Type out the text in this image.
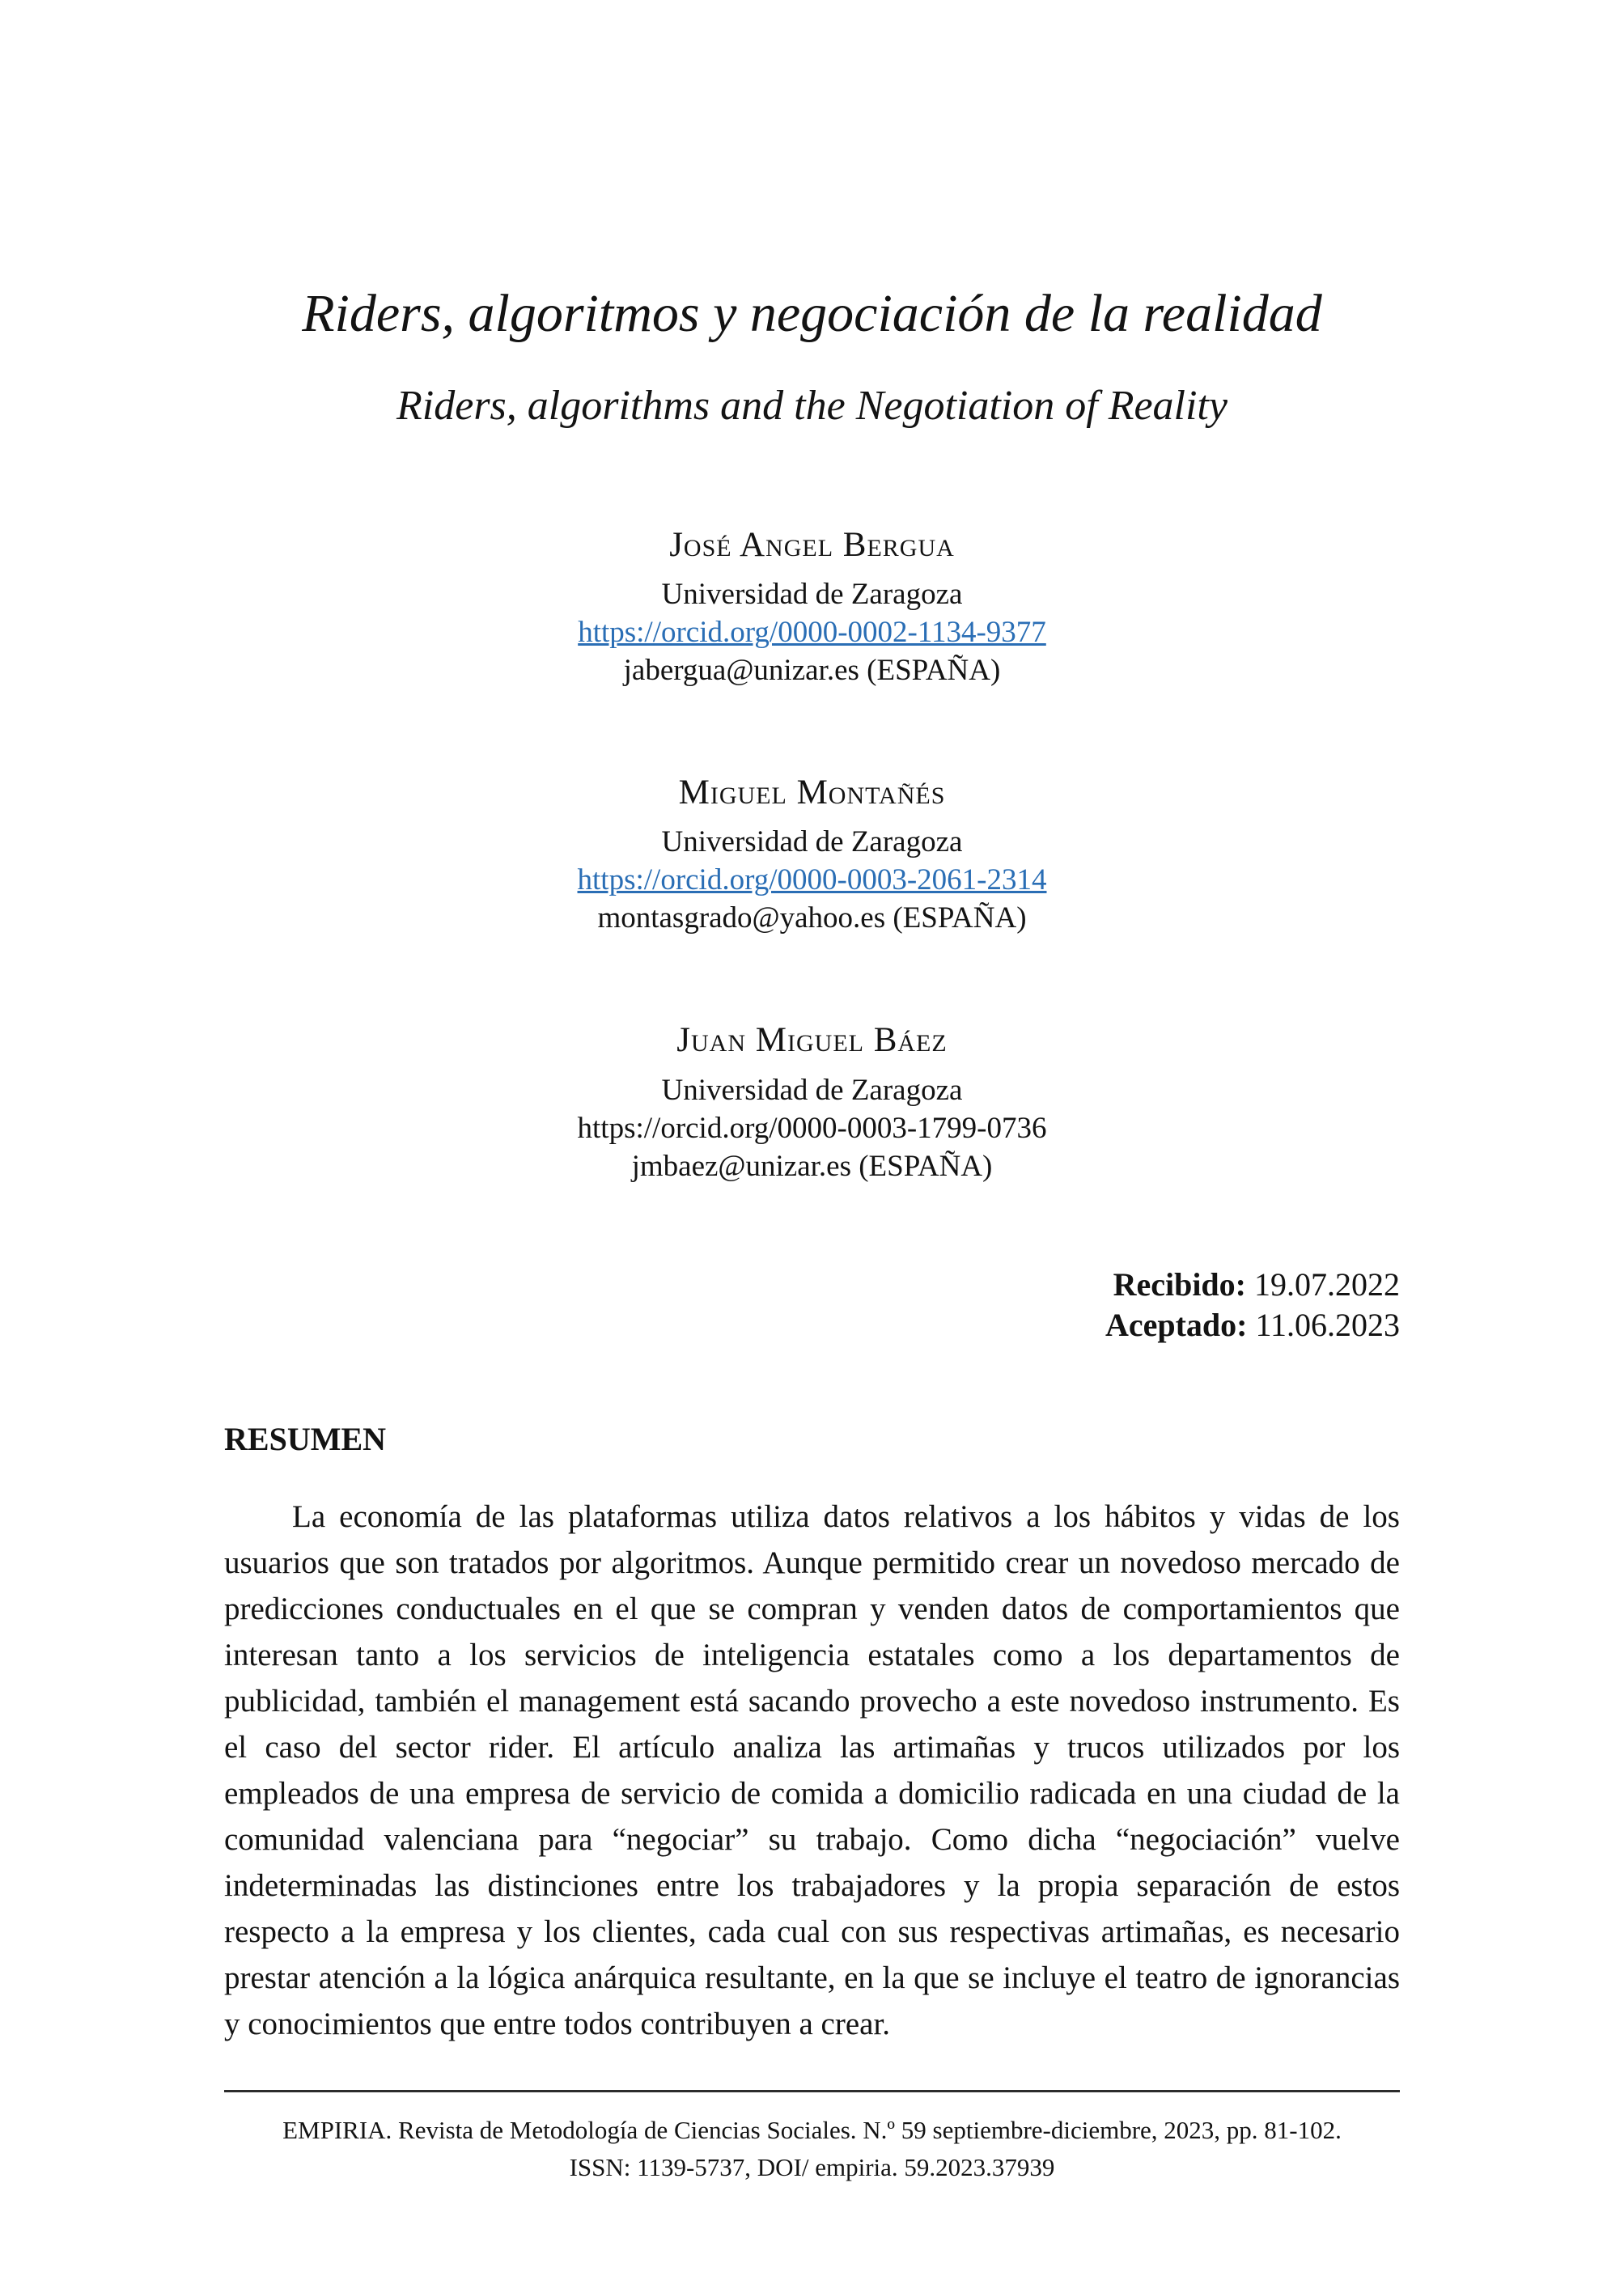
Riders, algoritmos y negociación de la realidad
Riders, algorithms and the Negotiation of Reality
José Angel Bergua
Universidad de Zaragoza
https://orcid.org/0000-0002-1134-9377
jabergua@unizar.es (ESPAÑA)
Miguel Montañés
Universidad de Zaragoza
https://orcid.org/0000-0003-2061-2314
montasgrado@yahoo.es (ESPAÑA)
Juan Miguel Báez
Universidad de Zaragoza
https://orcid.org/0000-0003-1799-0736
jmbaez@unizar.es (ESPAÑA)
Recibido: 19.07.2022
Aceptado: 11.06.2023
RESUMEN

La economía de las plataformas utiliza datos relativos a los hábitos y vidas de los usuarios que son tratados por algoritmos. Aunque permitido crear un novedoso mercado de predicciones conductuales en el que se compran y venden datos de comportamientos que interesan tanto a los servicios de inteligencia estatales como a los departamentos de publicidad, también el management está sacando provecho a este novedoso instrumento. Es el caso del sector rider. El artículo analiza las artimañas y trucos utilizados por los empleados de una empresa de servicio de comida a domicilio radicada en una ciudad de la comunidad valenciana para “negociar” su trabajo. Como dicha “negociación” vuelve indeterminadas las distinciones entre los trabajadores y la propia separación de estos respecto a la empresa y los clientes, cada cual con sus respectivas artimañas, es necesario prestar atención a la lógica anárquica resultante, en la que se incluye el teatro de ignorancias y conocimientos que entre todos contribuyen a crear.

EMPIRIA. Revista de Metodología de Ciencias Sociales. N.º 59 septiembre-diciembre, 2023, pp. 81-102.
ISSN: 1139-5737, DOI/ empiria. 59.2023.37939
